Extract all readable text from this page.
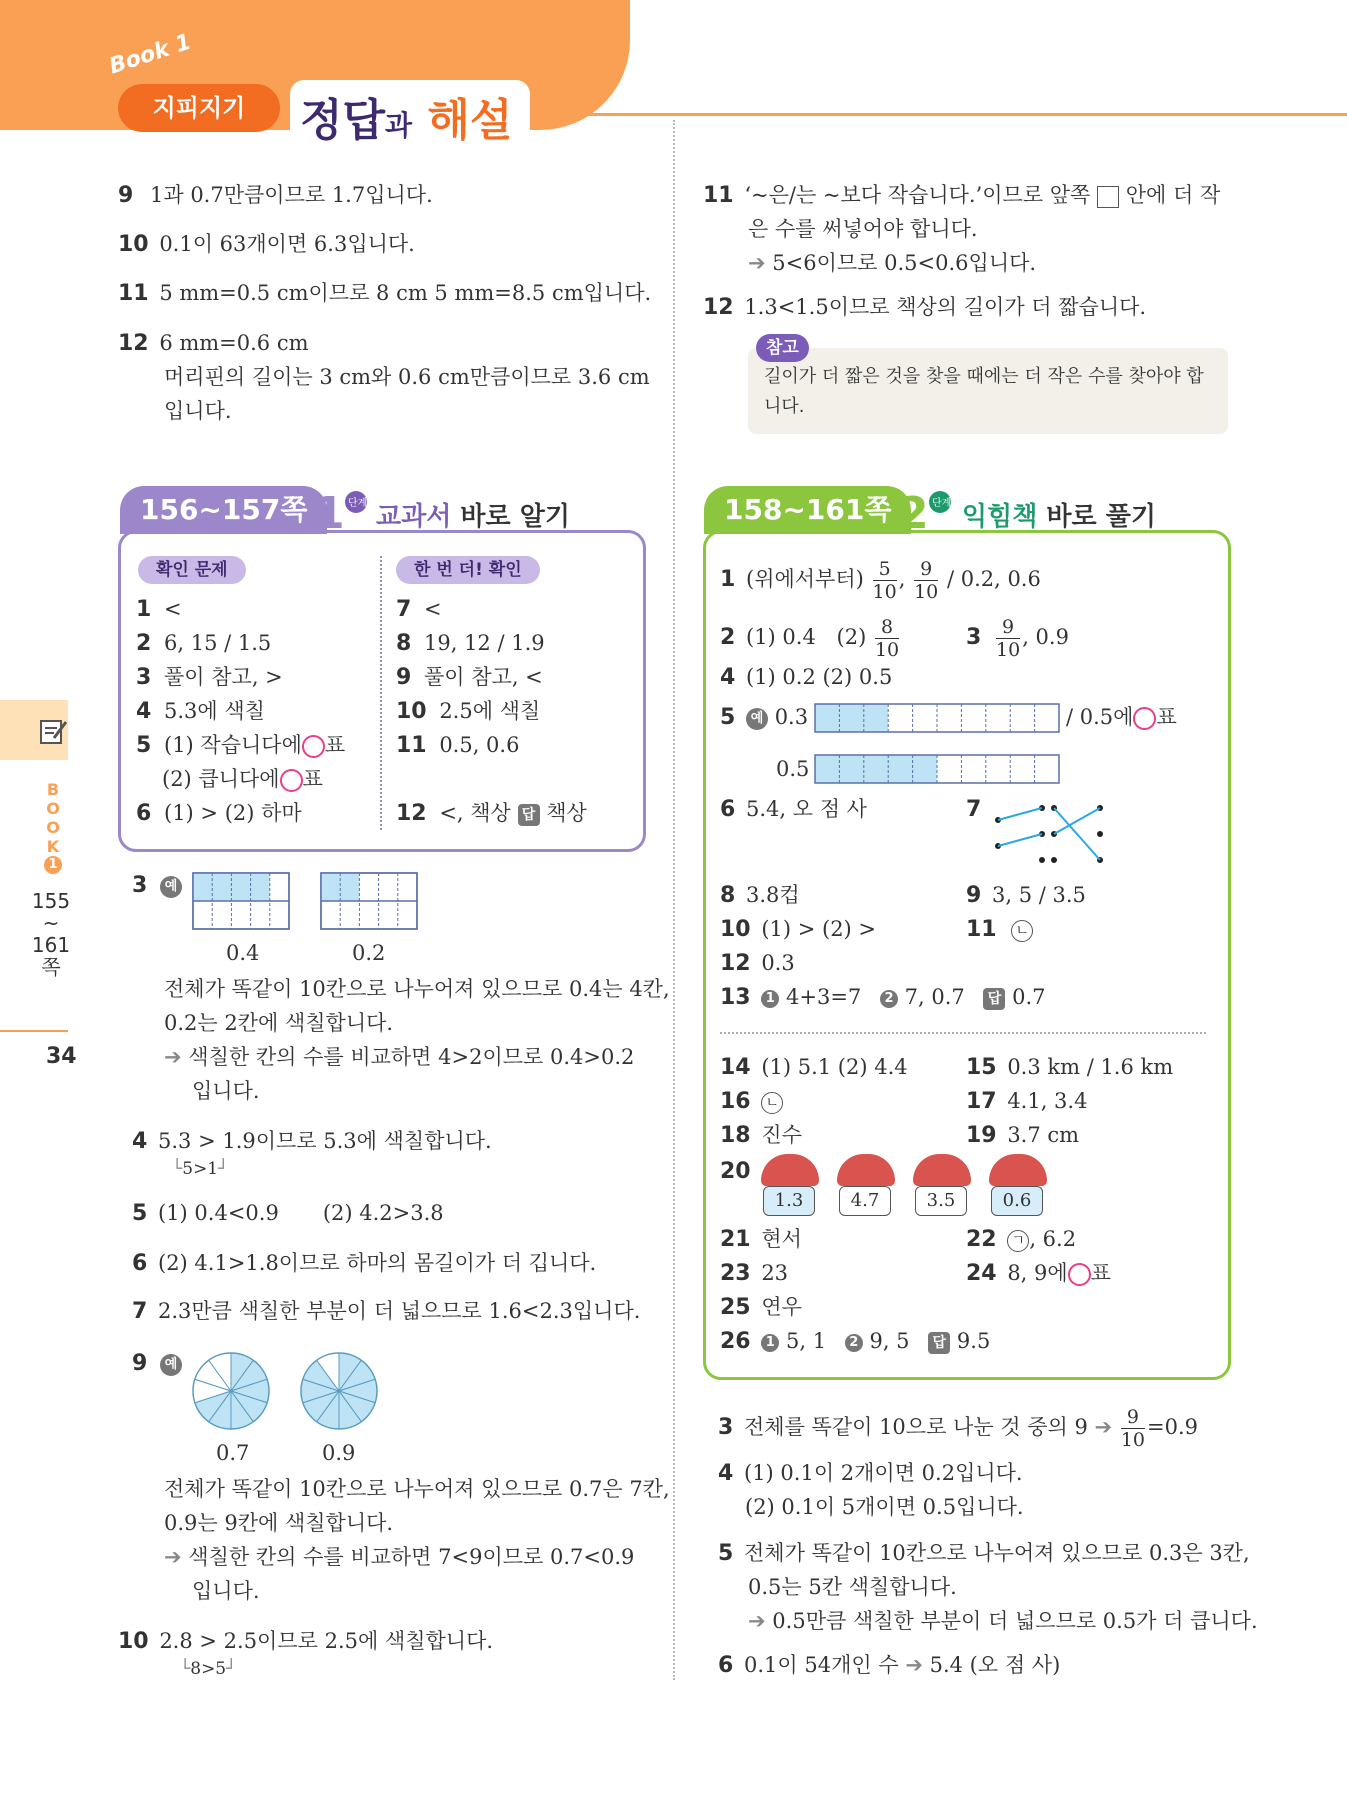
Book 1
지피지기	정답과 해설
B
O
O
K
1
155
~
161
쪽
34
9 1과 0.7만큼이므로 1.7입니다.
10 0.1이 63개이면 6.3입니다.
11 5 mm=0.5 cm이므로 8 cm 5 mm=8.5 cm입니다.
12 6 mm=0.6 cm
머리핀의 길이는 3 cm와 0.6 cm만큼이므로 3.6 cm
입니다.
11 ‘~은/는 ~보다 작습니다.’이므로 앞쪽 안에 더 작
은 수를 써넣어야 합니다.
➔ 5<6이므로 0.5<0.6입니다.
12 1.3<1.5이므로 책상의 길이가 더 짧습니다.
참고
길이가 더 짧은 것을 찾을 때에는 더 작은 수를 찾아야 합
니다.
156~157쪽 1 단계 교과서 바로 알기
확인 문제	한 번 더! 확인
1 <
2 6, 15 / 1.5
3 풀이 참고, >
4 5.3에 색칠
5 (1) 작습니다에○표
(2) 큽니다에○표
6 (1) > (2) 하마
7 <
8 19, 12 / 1.9
9 풀이 참고, <
10 2.5에 색칠
11 0.5, 0.6
12 <, 책상 답 책상
3 예
0.4	0.2
전체가 똑같이 10칸으로 나누어져 있으므로 0.4는 4칸,
0.2는 2칸에 색칠합니다.
➔ 색칠한 칸의 수를 비교하면 4>2이므로 0.4>0.2
입니다.
4 5.3 > 1.9이므로 5.3에 색칠합니다.
└5>1┘
5 (1) 0.4<0.9 (2) 4.2>3.8
6 (2) 4.1>1.8이므로 하마의 몸길이가 더 깁니다.
7 2.3만큼 색칠한 부분이 더 넓으므로 1.6<2.3입니다.
9 예
0.7	0.9
전체가 똑같이 10칸으로 나누어져 있으므로 0.7은 7칸,
0.9는 9칸에 색칠합니다.
➔ 색칠한 칸의 수를 비교하면 7<9이므로 0.7<0.9
입니다.
10 2.8 > 2.5이므로 2.5에 색칠합니다.
└8>5┘
158~161쪽 2 단계 익힘책 바로 풀기
1 (위에서부터) $\frac{5}{10}$ , $\frac{9}{10} / 0.2$, 0.6
2 (1) 0.4 $(2) \frac{8}{10}$	$3 \frac{9}{10}$ , 0.9
4 (1) 0.2 (2) 0.5
5 예 0.3	/ 0.5에○표
0.5
6 5.4, 오 점 사	7
8 3.8컵	9 3, 5 / 3.5
10 (1) > (2) >	11 ㄴ
12 0.3
13 1 4+3=7 2 7, 0.7 답 0.7
14 (1) 5.1 (2) 4.4	15 0.3 km / 1.6 km
16 ㄴ	17 4.1, 3.4
18 진수	19 3.7 cm
20
1.3	4.7	3.5	0.6
21 현서	22 ㄱ , 6.2
23 23	24 8, 9에○표
25 연우
26 1 5, 1 2 9, 5 답 9.5
3 전체를 똑같이 10으로 나눈 것 중의 9 ➔ $\frac{9}{10} =0.9$
4 (1) 0.1이 2개이면 0.2입니다.
(2) 0.1이 5개이면 0.5입니다.
5 전체가 똑같이 10칸으로 나누어져 있으므로 0.3은 3칸,
0.5는 5칸 색칠합니다.
➔ 0.5만큼 색칠한 부분이 더 넓으므로 0.5가 더 큽니다.
6 0.1이 54개인 수 ➔ 5.4 (오 점 사)
